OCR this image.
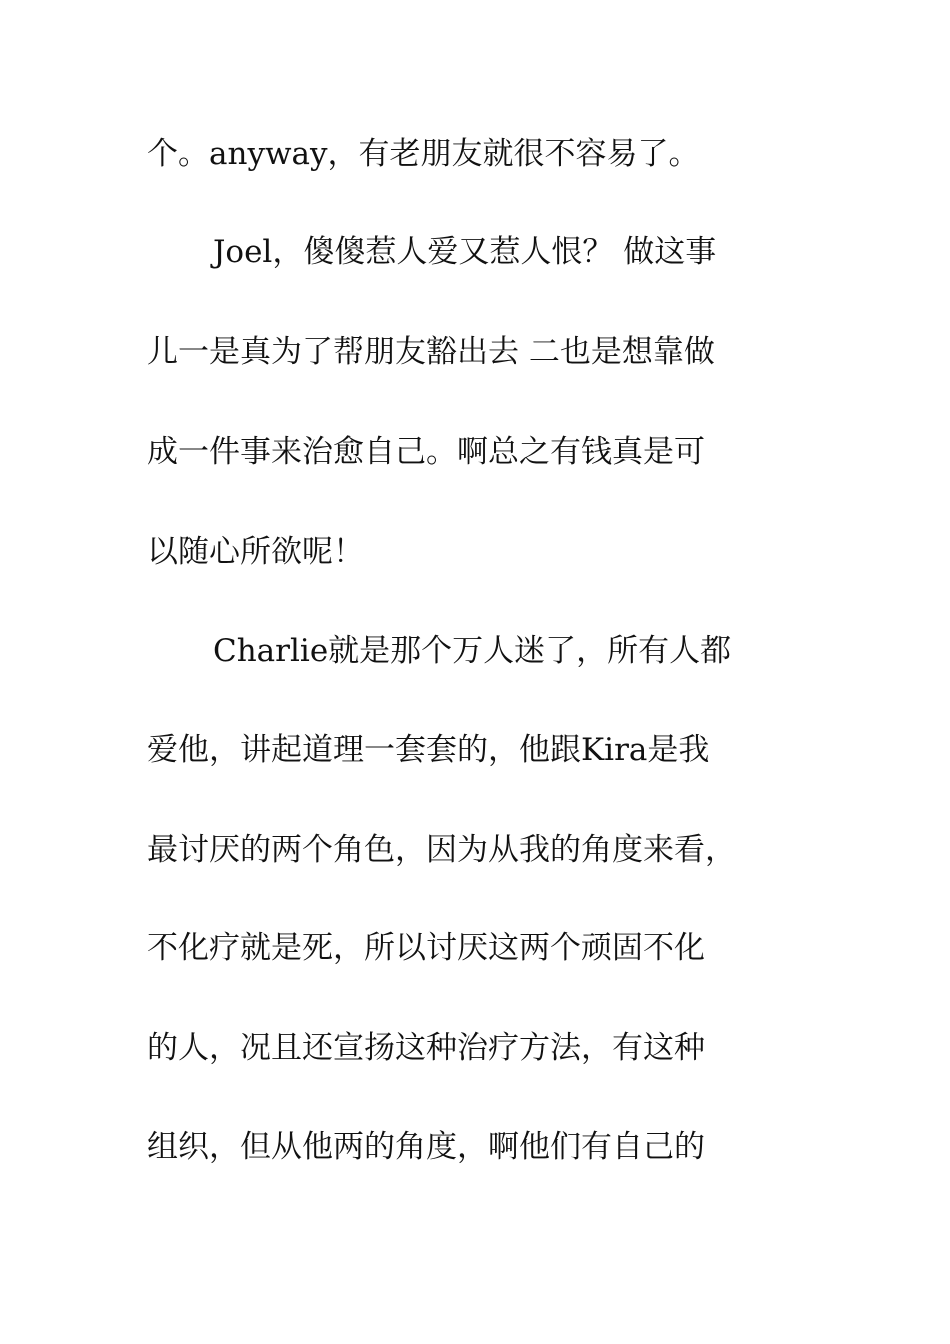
个。anyway，有老朋友就很不容易了。
Joel，傻傻惹人爱又惹人恨？ 做这事
儿一是真为了帮朋友豁出去 二也是想靠做
成一件事来治愈自己。啊总之有钱真是可
以随心所欲呢！
Charlie就是那个万人迷了，所有人都
爱他，讲起道理一套套的，他跟Kira是我
最讨厌的两个角色，因为从我的角度来看，
不化疗就是死，所以讨厌这两个顽固不化
的人，况且还宣扬这种治疗方法，有这种
组织，但从他两的角度，啊他们有自己的
